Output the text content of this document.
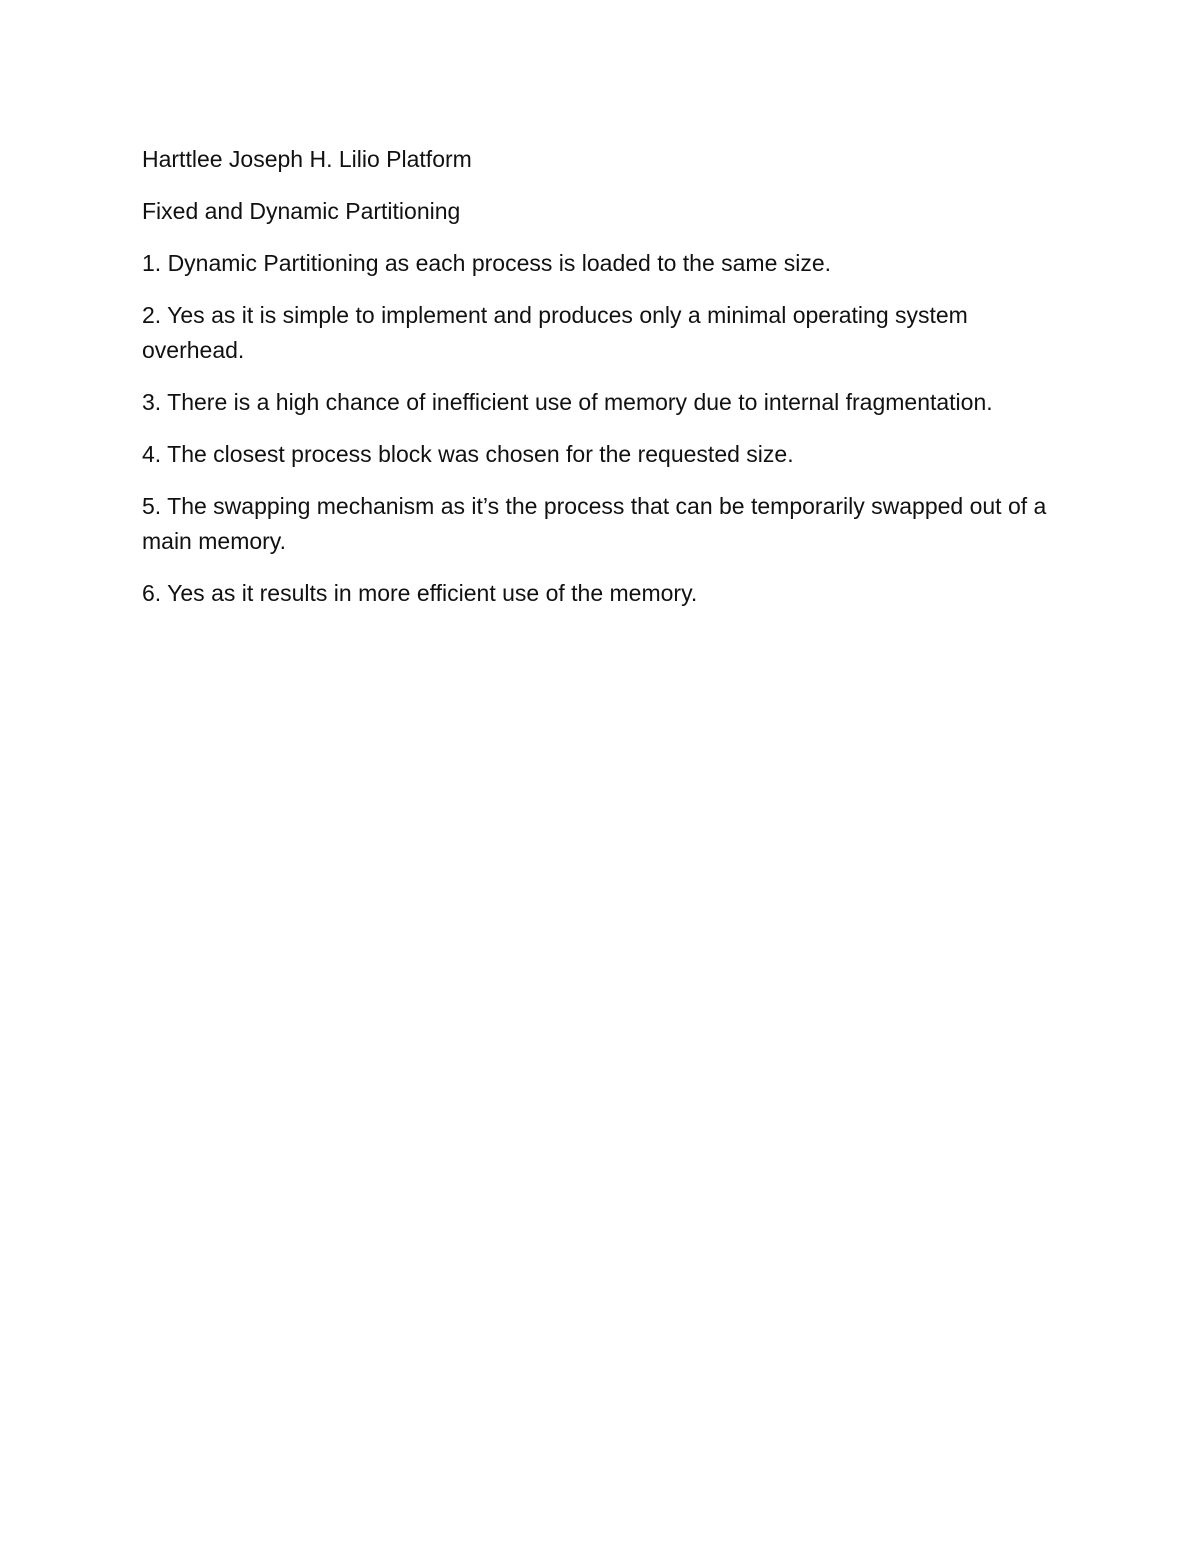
Harttlee Joseph H. Lilio Platform

Fixed and Dynamic Partitioning

1. Dynamic Partitioning as each process is loaded to the same size.

2. Yes as it is simple to implement and produces only a minimal operating system overhead.

3. There is a high chance of inefficient use of memory due to internal fragmentation.

4. The closest process block was chosen for the requested size.

5. The swapping mechanism as it’s the process that can be temporarily swapped out of a main memory.

6. Yes as it results in more efficient use of the memory.
